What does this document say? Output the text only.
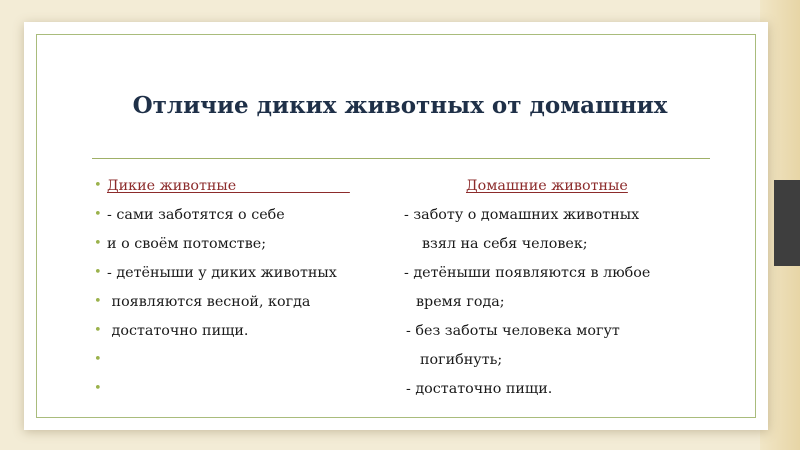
Отличие диких животных от домашних
• Дикие животные	Домашние животные
• - сами заботятся о себе	- заботу о домашних животных
• и о своём потомстве;	взял на себя человек;
• - детёныши у диких животных	- детёныши появляются в любое
• появляются весной, когда	время года;
• достаточно пищи.	- без заботы человека могут
•	погибнуть;
•	- достаточно пищи.
